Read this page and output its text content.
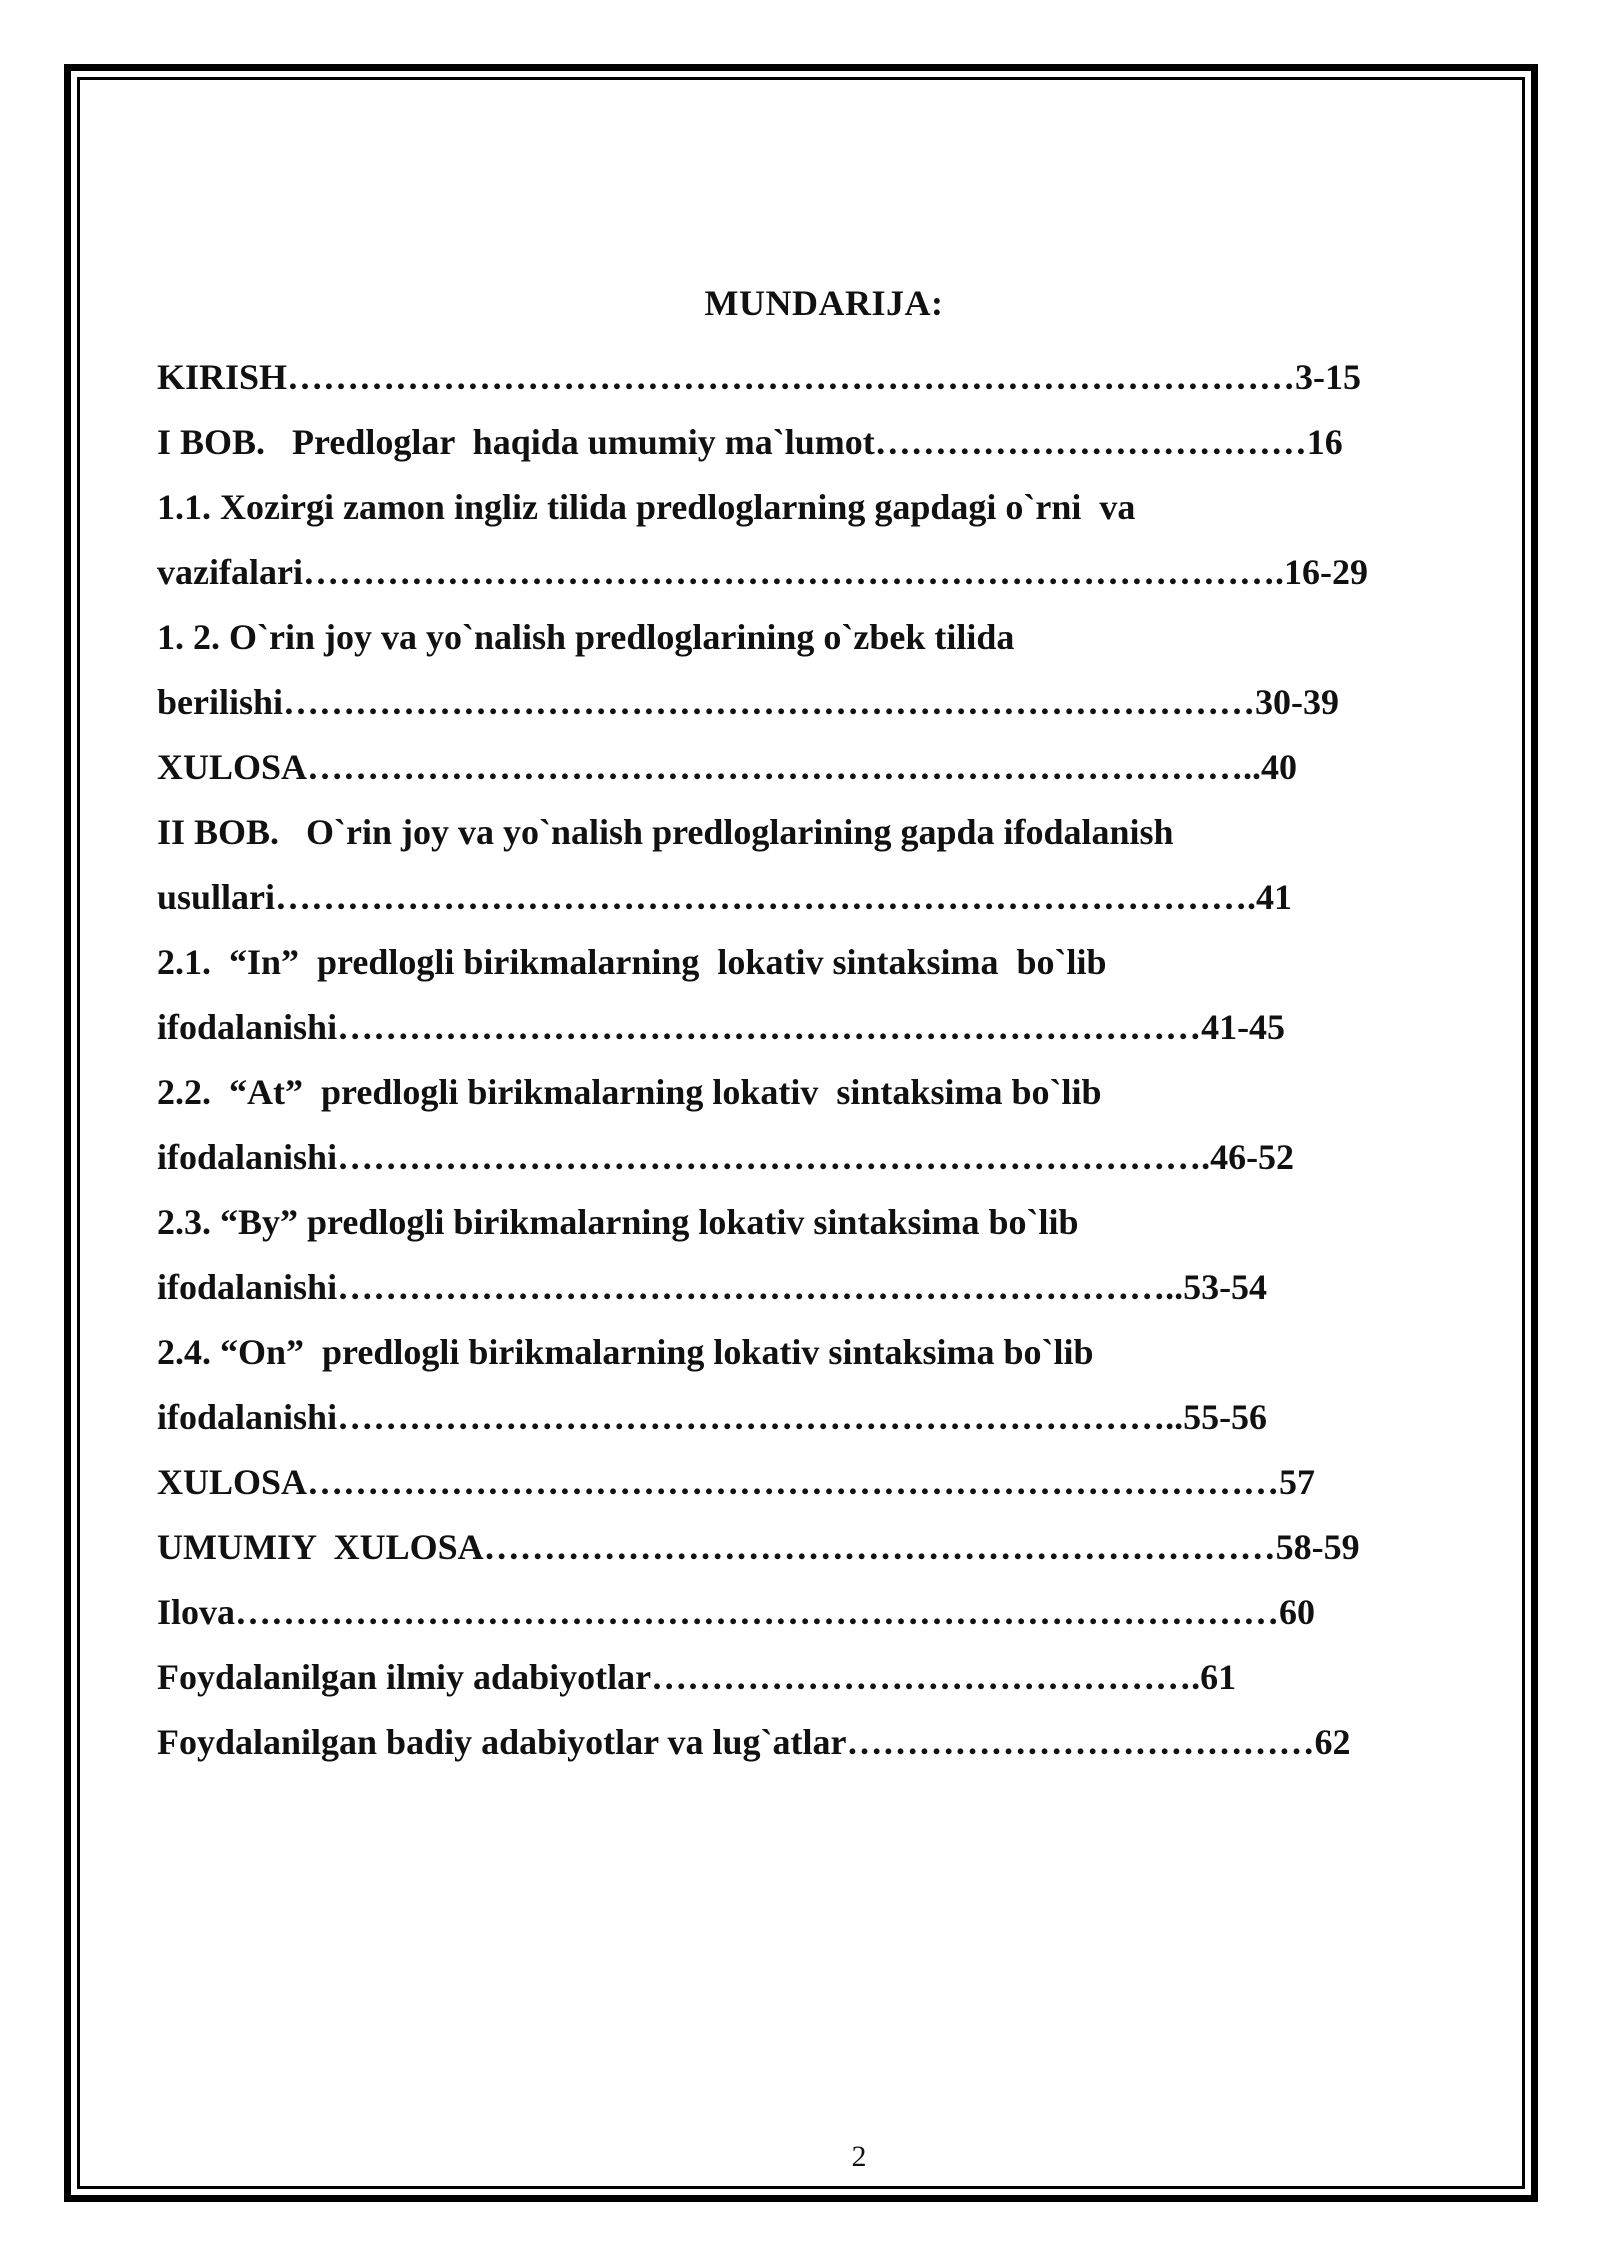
MUNDARIJA:
KIRISH…………………………………………………………………………3-15
I BOB.   Predloglar  haqida umumiy ma`lumot………………………………16
1.1. Xozirgi zamon ingliz tilida predloglarning gapdagi o`rni  va
vazifalari……………………………………………………………………….16-29
1. 2. O`rin joy va yo`nalish predloglarining o`zbek tilida
berilishi………………………………………………………………………30-39
XULOSA……………………………………………………………………..40
II BOB.   O`rin joy va yo`nalish predloglarining gapda ifodalanish
usullari……………………………………………………………………….41
2.1.  “In”  predlogli birikmalarning  lokativ sintaksima  bo`lib
ifodalanishi………………………………………………………………41-45
2.2.  “At”  predlogli birikmalarning lokativ  sintaksima bo`lib
ifodalanishi……………………………………………………………….46-52
2.3. “By” predlogli birikmalarning lokativ sintaksima bo`lib
ifodalanishi……………………………………………………………..53-54
2.4. “On”  predlogli birikmalarning lokativ sintaksima bo`lib
ifodalanishi……………………………………………………………..55-56
XULOSA………………………………………………………………………57
UMUMIY  XULOSA…………………………………………………………58-59
Ilova……………………………………………………………………………60
Foydalanilgan ilmiy adabiyotlar……………………………………….61
Foydalanilgan badiy adabiyotlar va lug`atlar…………………………………62
2
